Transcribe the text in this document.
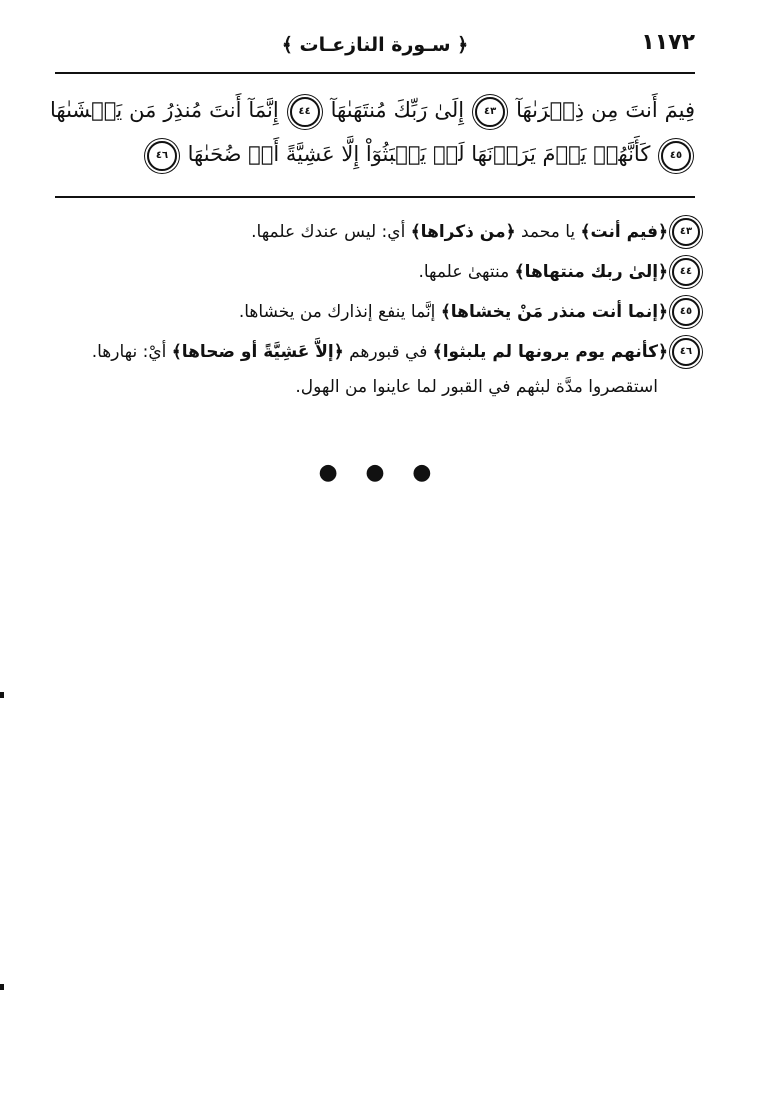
١١٧٢
﴿ سـورة النازعـات ﴾
فِيمَ أَنتَ مِن ذِكۡرَىٰهَآ ٤٣ إِلَىٰ رَبِّكَ مُنتَهَىٰهَآ ٤٤ إِنَّمَآ أَنتَ مُنذِرُ مَن يَخۡشَىٰهَا ٤٥ كَأَنَّهُمۡ يَوۡمَ يَرَوۡنَهَا لَمۡ يَلۡبَثُوٓاْ إِلَّا عَشِيَّةً أَوۡ ضُحَىٰهَا ٤٦

٤٣﴿فيم أنت﴾ يا محمد ﴿من ذكراها﴾ أي: ليس عندك علمها.

٤٤﴿إلىٰ ربك منتهاها﴾ منتهىٰ علمها.

٤٥﴿إنما أنت منذر مَنْ يخشاها﴾ إنَّما ينفع إنذارك من يخشاها.

٤٦﴿كأنهم يوم يرونها لم يلبثوا﴾ في قبورهم ﴿إلاَّ عَشِيَّةً أو ضحاها﴾ أيْ: نهارها.
استقصروا مدَّة لبثهم في القبور لما عاينوا من الهول.

● ● ●
